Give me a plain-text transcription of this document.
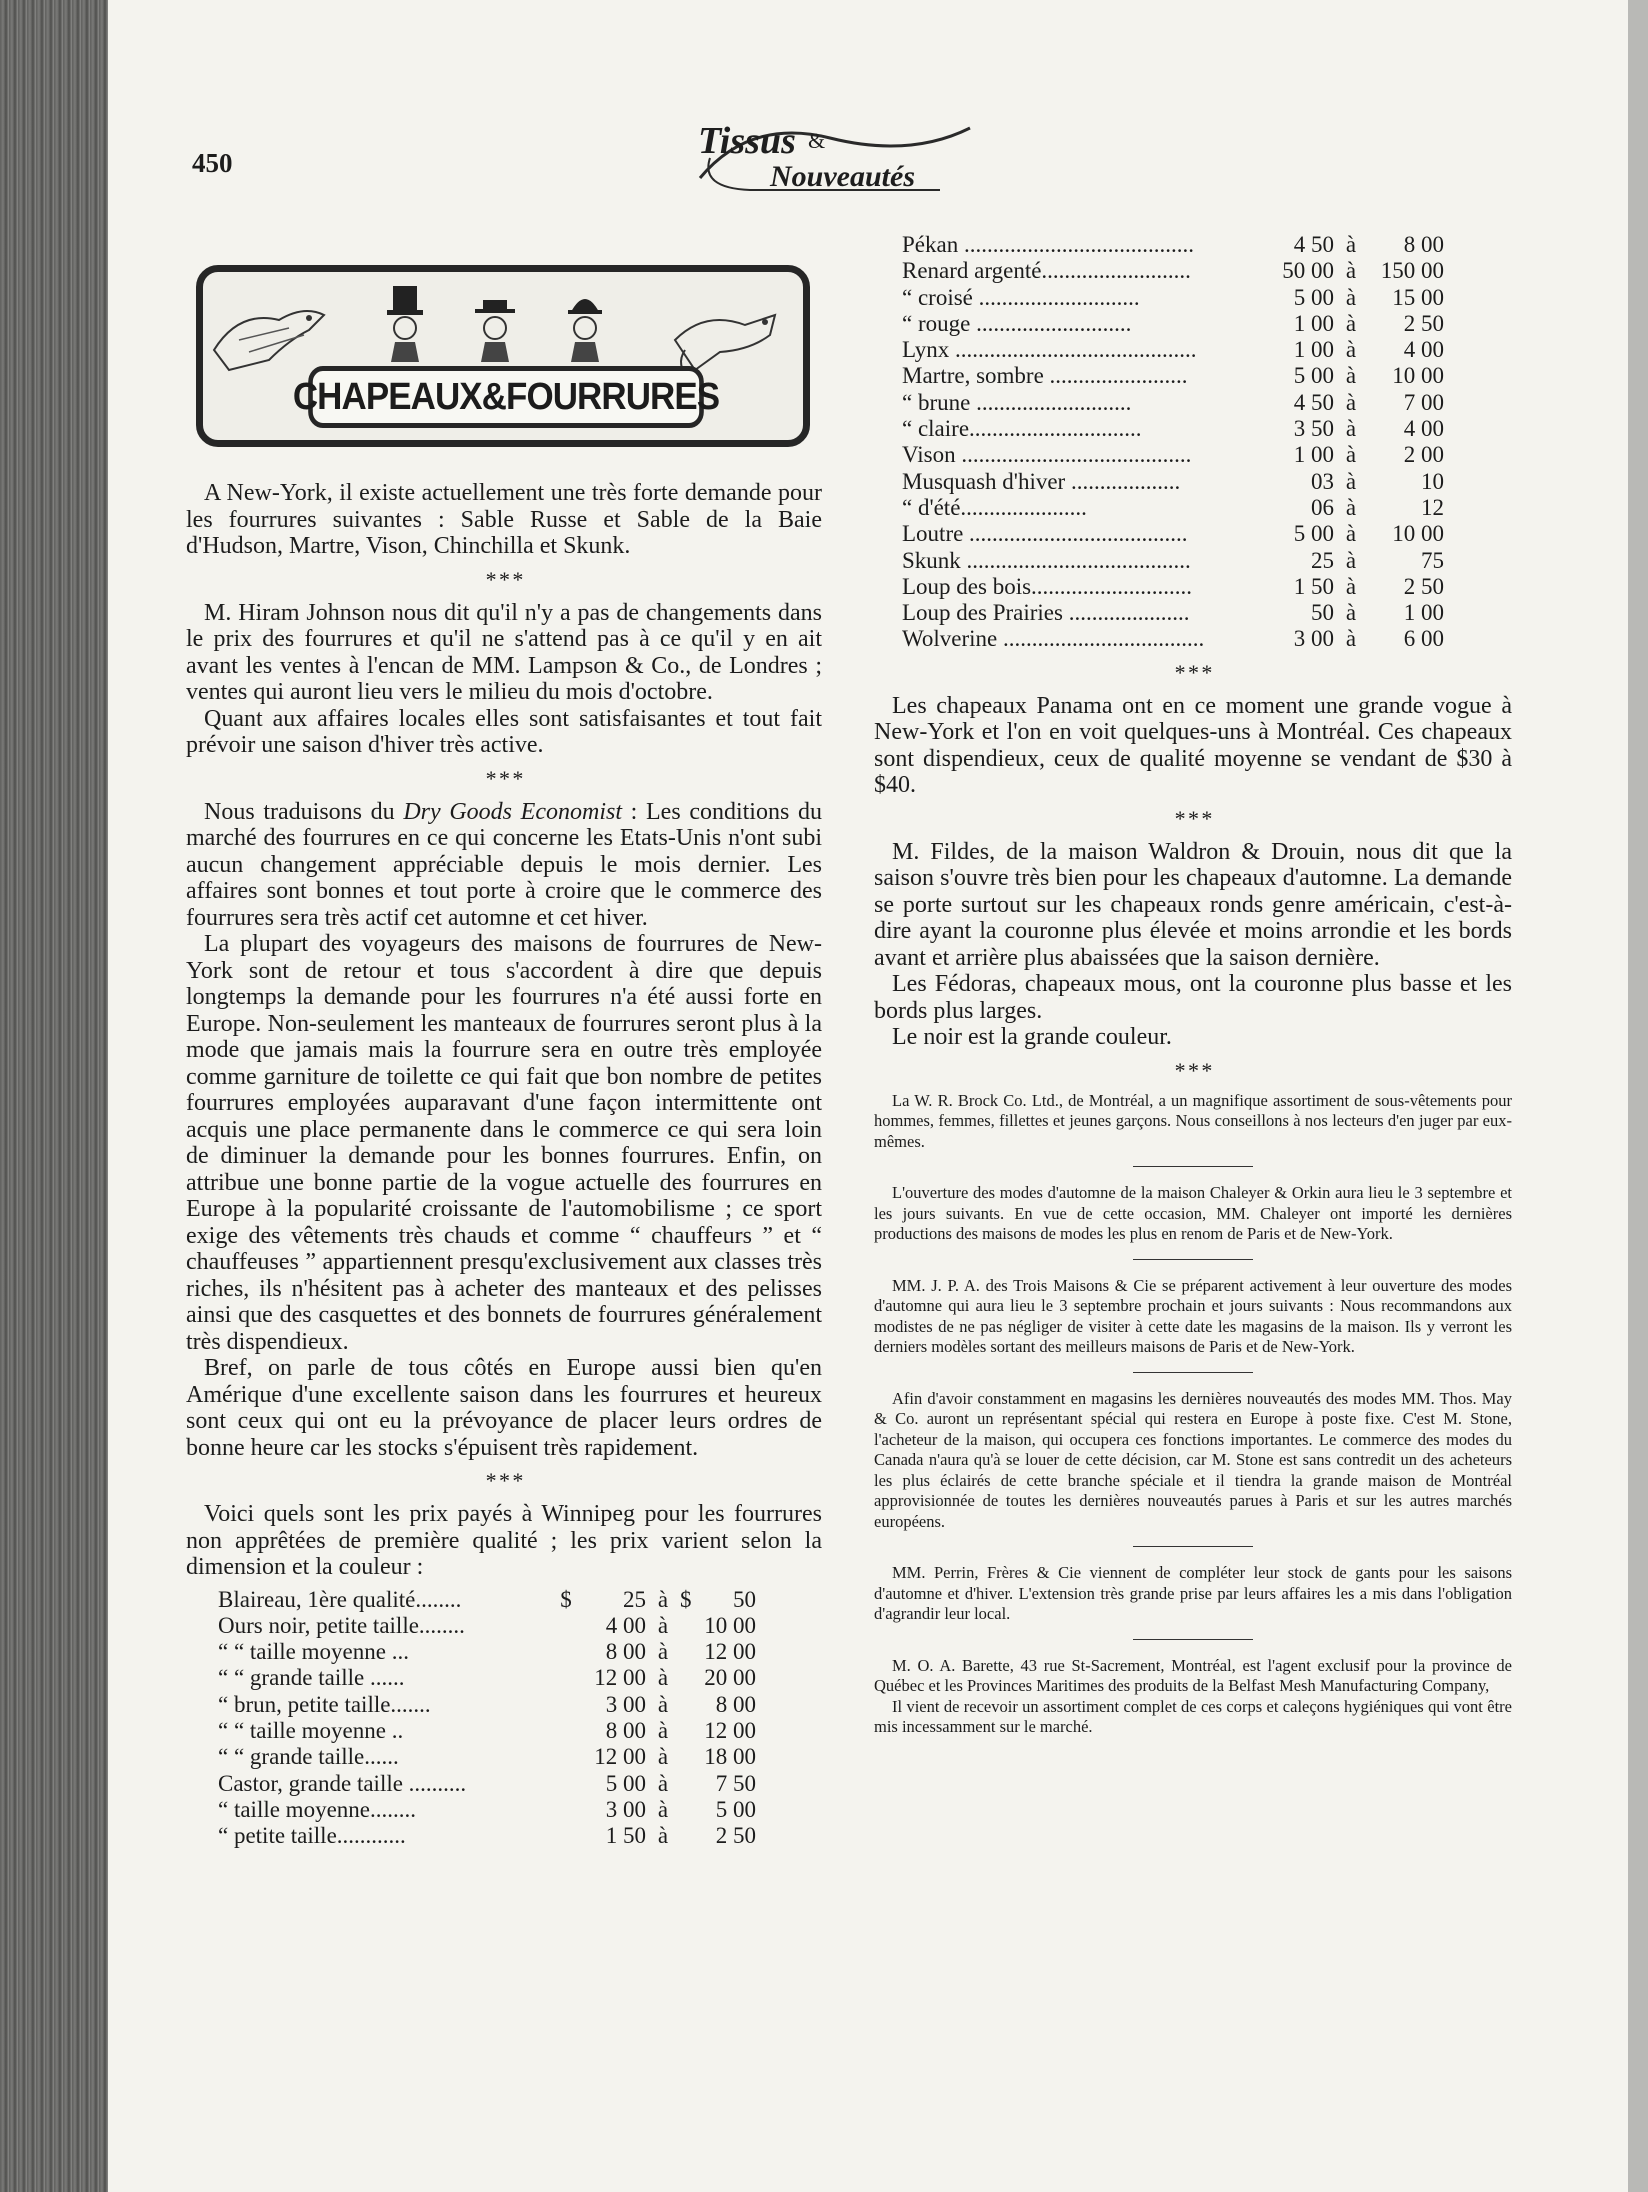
450
Tissus &
Nouveautés
CHAPEAUX&FOURRURES

A New-York, il existe actuellement une très forte demande pour les fourrures suivantes : Sable Russe et Sable de la Baie d'Hudson, Martre, Vison, Chinchilla et Skunk.

* * *

M. Hiram Johnson nous dit qu'il n'y a pas de changements dans le prix des fourrures et qu'il ne s'attend pas à ce qu'il y en ait avant les ventes à l'encan de MM. Lampson & Co., de Londres ; ventes qui auront lieu vers le milieu du mois d'octobre.

Quant aux affaires locales elles sont satisfaisantes et tout fait prévoir une saison d'hiver très active.

* * *

Nous traduisons du Dry Goods Economist : Les conditions du marché des fourrures en ce qui concerne les Etats-Unis n'ont subi aucun changement appréciable depuis le mois dernier. Les affaires sont bonnes et tout porte à croire que le commerce des fourrures sera très actif cet automne et cet hiver.

La plupart des voyageurs des maisons de fourrures de New-York sont de retour et tous s'accordent à dire que depuis longtemps la demande pour les fourrures n'a été aussi forte en Europe. Non-seulement les manteaux de fourrures seront plus à la mode que jamais mais la fourrure sera en outre très employée comme garniture de toilette ce qui fait que bon nombre de petites fourrures employées auparavant d'une façon intermittente ont acquis une place permanente dans le commerce ce qui sera loin de diminuer la demande pour les bonnes fourrures. Enfin, on attribue une bonne partie de la vogue actuelle des fourrures en Europe à la popularité croissante de l'automobilisme ; ce sport exige des vêtements très chauds et comme “ chauffeurs ” et “ chauffeuses ” appartiennent presqu'exclusivement aux classes très riches, ils n'hésitent pas à acheter des manteaux et des pelisses ainsi que des casquettes et des bonnets de fourrures généralement très dispendieux.

Bref, on parle de tous côtés en Europe aussi bien qu'en Amérique d'une excellente saison dans les fourrures et heureux sont ceux qui ont eu la prévoyance de placer leurs ordres de bonne heure car les stocks s'épuisent très rapidement.

* * *

Voici quels sont les prix payés à Winnipeg pour les fourrures non apprêtées de première qualité ; les prix varient selon la dimension et la couleur :

Blaireau, 1ère qualité........	$	25	à	$	50
Ours noir, petite taille........		4 00	à		10 00
“ “ taille moyenne ...		8 00	à		12 00
“ “ grande taille ......		12 00	à		20 00
“ brun, petite taille.......		3 00	à		8 00
“ “ taille moyenne ..		8 00	à		12 00
“ “ grande taille......		12 00	à		18 00
Castor, grande taille ..........		5 00	à		7 50
“ taille moyenne........		3 00	à		5 00
“ petite taille............		1 50	à		2 50
Pékan ........................................	4 50	à	8 00
Renard argenté..........................	50 00	à	150 00
“ croisé ............................	5 00	à	15 00
“ rouge ...........................	1 00	à	2 50
Lynx ..........................................	1 00	à	4 00
Martre, sombre ........................	5 00	à	10 00
“ brune ...........................	4 50	à	7 00
“ claire..............................	3 50	à	4 00
Vison ........................................	1 00	à	2 00
Musquash d'hiver ...................	03	à	10
“ d'été......................	06	à	12
Loutre ......................................	5 00	à	10 00
Skunk .......................................	25	à	75
Loup des bois............................	1 50	à	2 50
Loup des Prairies .....................	50	à	1 00
Wolverine ...................................	3 00	à	6 00
* * *

Les chapeaux Panama ont en ce moment une grande vogue à New-York et l'on en voit quelques-uns à Montréal. Ces chapeaux sont dispendieux, ceux de qualité moyenne se vendant de $30 à $40.

* * *

M. Fildes, de la maison Waldron & Drouin, nous dit que la saison s'ouvre très bien pour les chapeaux d'automne. La demande se porte surtout sur les chapeaux ronds genre américain, c'est-à-dire ayant la couronne plus élevée et moins arrondie et les bords avant et arrière plus abaissées que la saison dernière.

Les Fédoras, chapeaux mous, ont la couronne plus basse et les bords plus larges.

Le noir est la grande couleur.

* * *

La W. R. Brock Co. Ltd., de Montréal, a un magnifique assortiment de sous-vêtements pour hommes, femmes, fillettes et jeunes garçons. Nous conseillons à nos lecteurs d'en juger par eux-mêmes.

L'ouverture des modes d'automne de la maison Chaleyer & Orkin aura lieu le 3 septembre et les jours suivants. En vue de cette occasion, MM. Chaleyer ont importé les dernières productions des maisons de modes les plus en renom de Paris et de New-York.

MM. J. P. A. des Trois Maisons & Cie se préparent activement à leur ouverture des modes d'automne qui aura lieu le 3 septembre prochain et jours suivants : Nous recommandons aux modistes de ne pas négliger de visiter à cette date les magasins de la maison. Ils y verront les derniers modèles sortant des meilleurs maisons de Paris et de New-York.

Afin d'avoir constamment en magasins les dernières nouveautés des modes MM. Thos. May & Co. auront un représentant spécial qui restera en Europe à poste fixe. C'est M. Stone, l'acheteur de la maison, qui occupera ces fonctions importantes. Le commerce des modes du Canada n'aura qu'à se louer de cette décision, car M. Stone est sans contredit un des acheteurs les plus éclairés de cette branche spéciale et il tiendra la grande maison de Montréal approvisionnée de toutes les dernières nouveautés parues à Paris et sur les autres marchés européens.

MM. Perrin, Frères & Cie viennent de compléter leur stock de gants pour les saisons d'automne et d'hiver. L'extension très grande prise par leurs affaires les a mis dans l'obligation d'agrandir leur local.

M. O. A. Barette, 43 rue St-Sacrement, Montréal, est l'agent exclusif pour la province de Québec et les Provinces Maritimes des produits de la Belfast Mesh Manufacturing Company,

Il vient de recevoir un assortiment complet de ces corps et caleçons hygiéniques qui vont être mis incessamment sur le marché.
